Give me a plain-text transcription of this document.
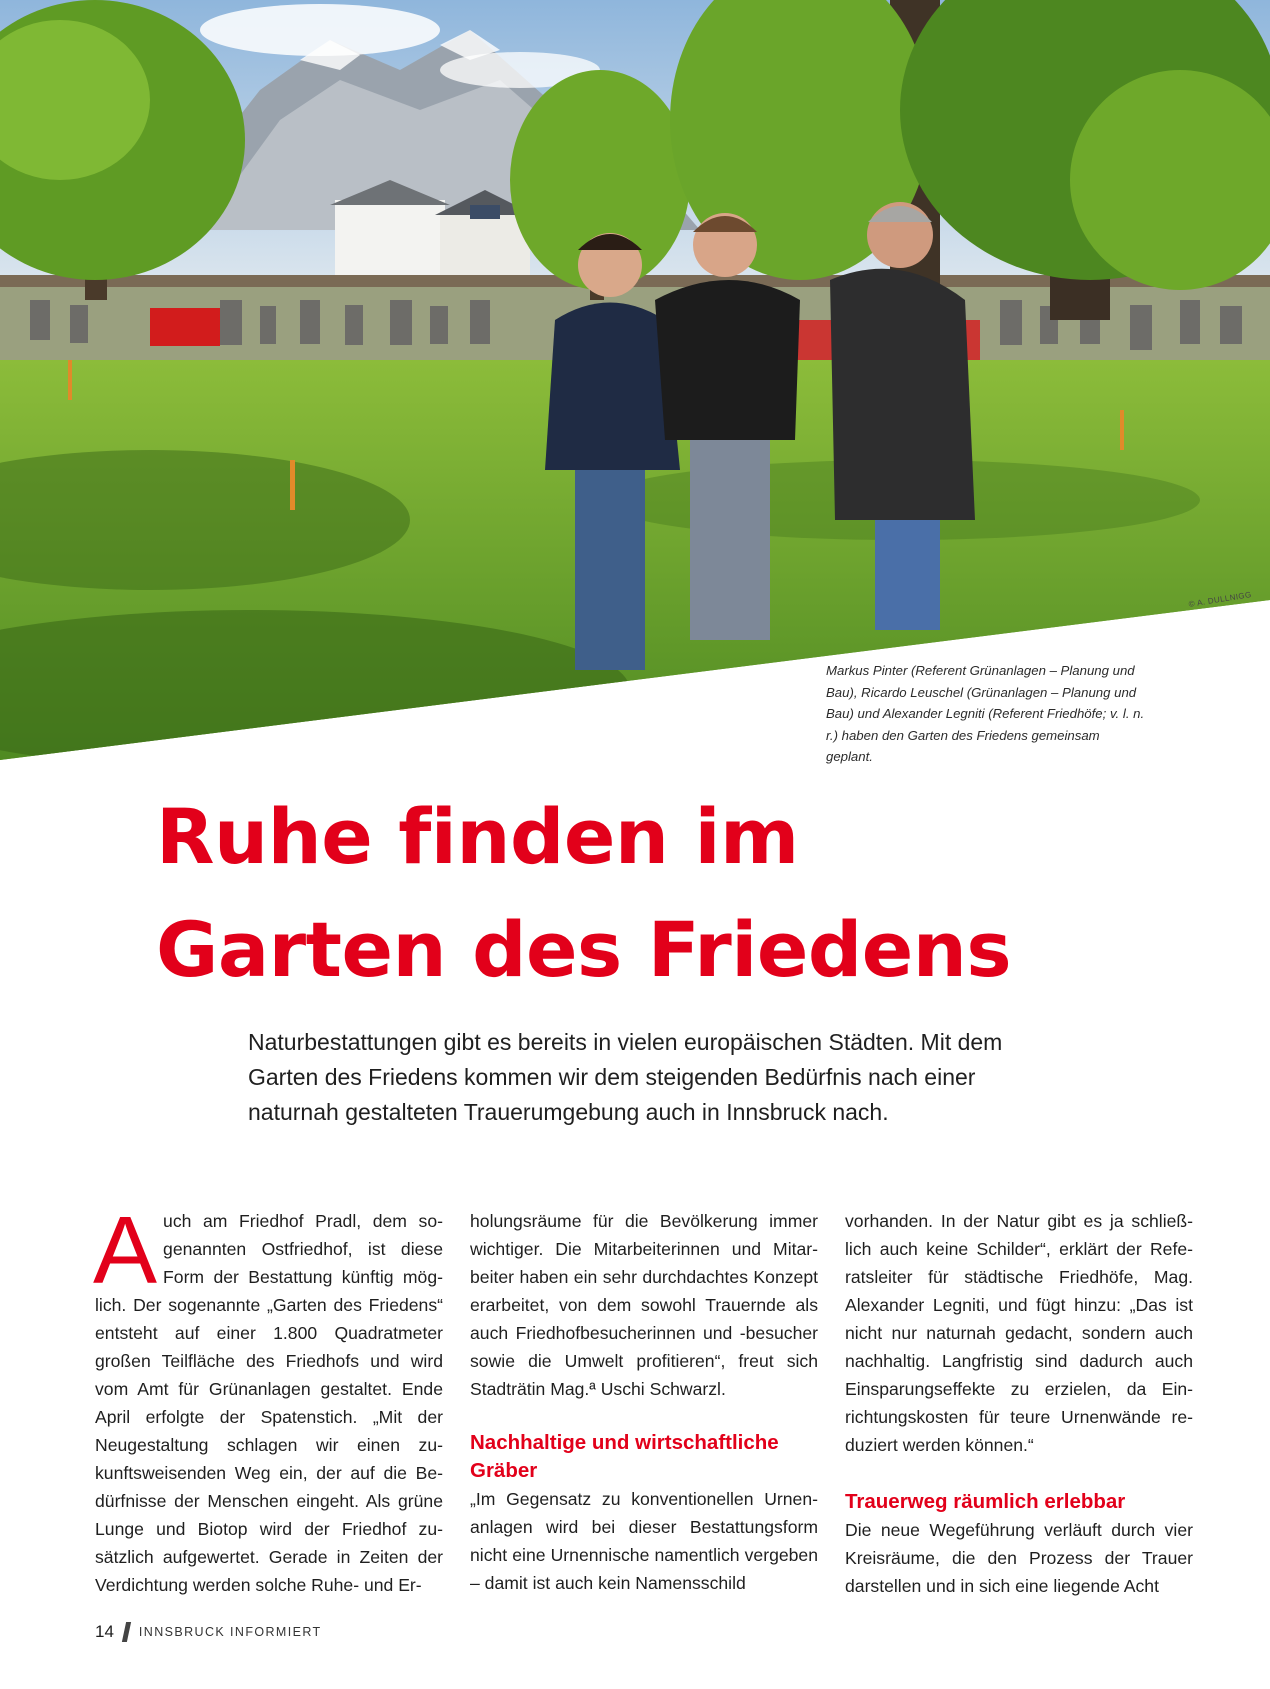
© A. DULLNIGG

Markus Pinter (Referent Grünanlagen – Planung und Bau), Ricardo Leuschel (Grünanlagen – Planung und Bau) und Alexander Legniti (Referent Friedhöfe; v. l. n. r.) haben den Garten des Friedens gemeinsam geplant.

Ruhe finden im
Garten des Friedens

Naturbestattungen gibt es bereits in vielen europäischen Städten. Mit dem Garten des Friedens kommen wir dem steigenden Bedürfnis nach einer naturnah gestalteten Trauerumgebung auch in Innsbruck nach.

A uch am Friedhof Pradl, dem sogenannten Ostfriedhof, ist diese Form der Bestattung künftig möglich. Der sogenannte „Garten des Friedens“ entsteht auf einer 1.800 Quadratmeter großen Teilfläche des Friedhofs und wird vom Amt für Grünanlagen gestaltet. Ende April erfolgte der Spatenstich. „Mit der Neugestaltung schlagen wir einen zukunftsweisenden Weg ein, der auf die Bedürfnisse der Menschen eingeht. Als grüne Lunge und Biotop wird der Friedhof zusätzlich aufgewertet. Gerade in Zeiten der Verdichtung werden solche Ruhe- und Er-

holungsräume für die Bevölkerung immer wichtiger. Die Mitarbeiterinnen und Mitarbeiter haben ein sehr durchdachtes Konzept erarbeitet, von dem sowohl Trauernde als auch Friedhofbesucherinnen und -besucher sowie die Umwelt profitieren“, freut sich Stadträtin Mag.ª Uschi Schwarzl.

Nachhaltige und wirtschaftliche Gräber

„Im Gegensatz zu konventionellen Urnenanlagen wird bei dieser Bestattungsform nicht eine Urnennische namentlich vergeben – damit ist auch kein Namensschild

vorhanden. In der Natur gibt es ja schließlich auch keine Schilder“, erklärt der Referatsleiter für städtische Friedhöfe, Mag. Alexander Legniti, und fügt hinzu: „Das ist nicht nur naturnah gedacht, sondern auch nachhaltig. Langfristig sind dadurch auch Einsparungseffekte zu erzielen, da Einrichtungskosten für teure Urnenwände reduziert werden können.“

Trauerweg räumlich erlebbar

Die neue Wegeführung verläuft durch vier Kreisräume, die den Prozess der Trauer darstellen und in sich eine liegende Acht

14 INNSBRUCK INFORMIERT
